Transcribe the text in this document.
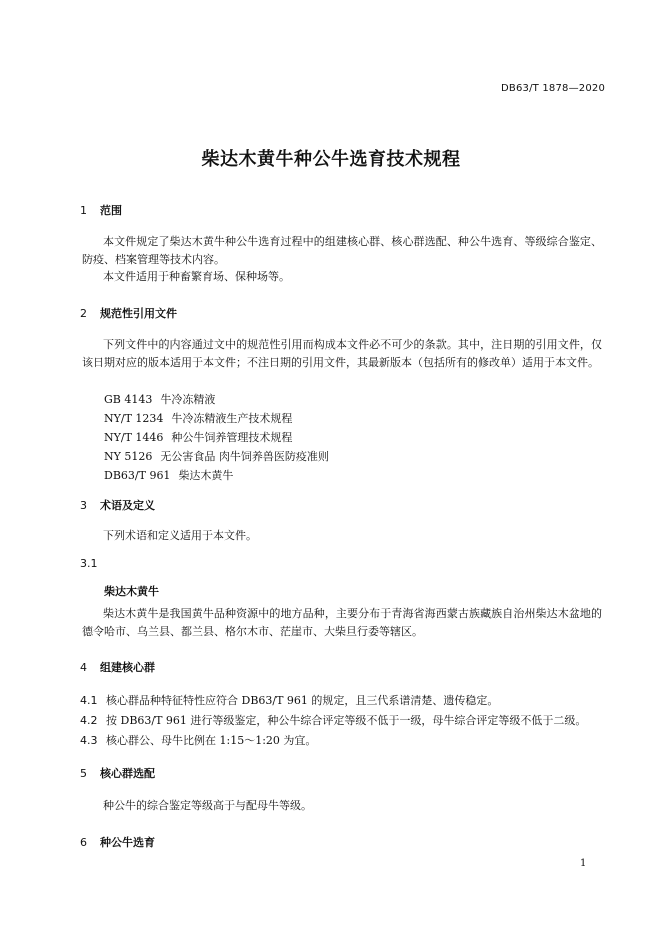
DB63/T 1878—2020
柴达木黄牛种公牛选育技术规程
1 范围
本文件规定了柴达木黄牛种公牛选育过程中的组建核心群、核心群选配、种公牛选育、等级综合鉴定、防疫、档案管理等技术内容。
本文件适用于种畜繁育场、保种场等。
2 规范性引用文件
下列文件中的内容通过文中的规范性引用而构成本文件必不可少的条款。其中，注日期的引用文件，仅该日期对应的版本适用于本文件；不注日期的引用文件，其最新版本（包括所有的修改单）适用于本文件。
GB 4143 牛冷冻精液
NY/T 1234 牛冷冻精液生产技术规程
NY/T 1446 种公牛饲养管理技术规程
NY 5126 无公害食品 肉牛饲养兽医防疫准则
DB63/T 961 柴达木黄牛
3 术语及定义
下列术语和定义适用于本文件。
3.1
柴达木黄牛
柴达木黄牛是我国黄牛品种资源中的地方品种，主要分布于青海省海西蒙古族藏族自治州柴达木盆地的德令哈市、乌兰县、都兰县、格尔木市、茫崖市、大柴旦行委等辖区。
4 组建核心群
4.1 核心群品种特征特性应符合 DB63/T 961 的规定，且三代系谱清楚、遗传稳定。
4.2 按 DB63/T 961 进行等级鉴定，种公牛综合评定等级不低于一级，母牛综合评定等级不低于二级。
4.3 核心群公、母牛比例在 1:15～1:20 为宜。
5 核心群选配
种公牛的综合鉴定等级高于与配母牛等级。
6 种公牛选育
1
